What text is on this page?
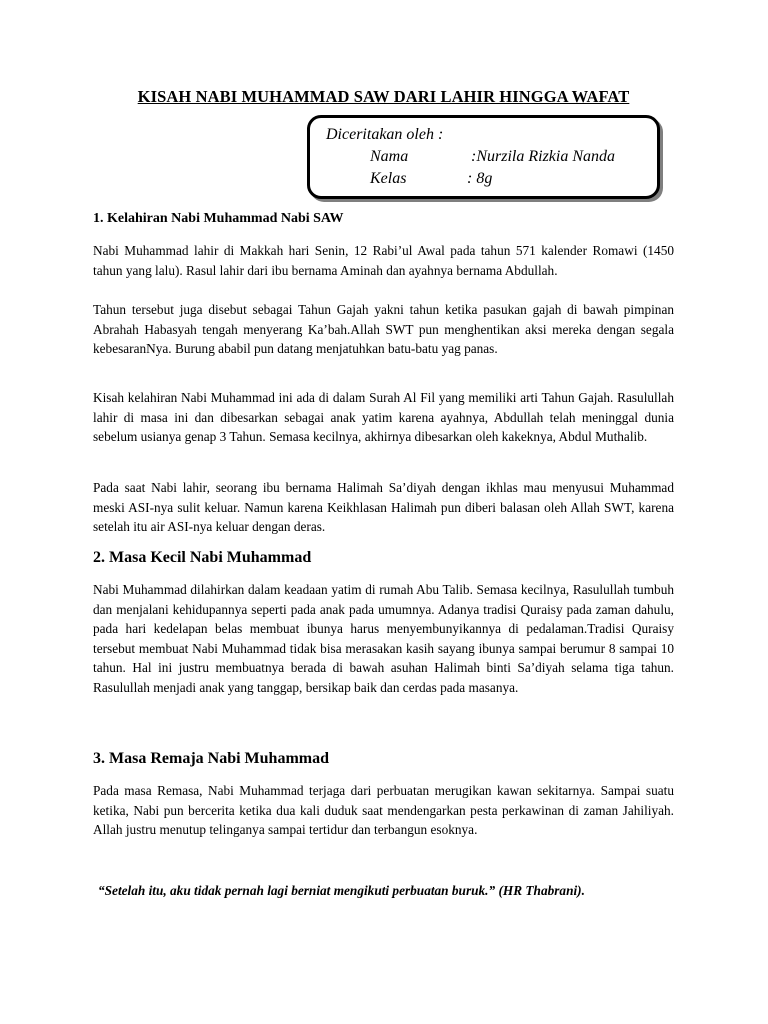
KISAH NABI MUHAMMAD SAW DARI LAHIR HINGGA WAFAT
Diceritakan oleh :
Nama	:Nurzila Rizkia Nanda
Kelas	: 8g
1. Kelahiran Nabi Muhammad Nabi SAW

Nabi Muhammad lahir di Makkah hari Senin, 12 Rabi’ul Awal pada tahun 571 kalender Romawi (1450 tahun yang lalu). Rasul lahir dari ibu bernama Aminah dan ayahnya bernama Abdullah.

Tahun tersebut juga disebut sebagai Tahun Gajah yakni tahun ketika pasukan gajah di bawah pimpinan Abrahah Habasyah tengah menyerang Ka’bah.Allah SWT pun menghentikan aksi mereka dengan segala kebesaranNya. Burung ababil pun datang menjatuhkan batu-batu yag panas.

Kisah kelahiran Nabi Muhammad ini ada di dalam Surah Al Fil yang memiliki arti Tahun Gajah. Rasulullah lahir di masa ini dan dibesarkan sebagai anak yatim karena ayahnya, Abdullah telah meninggal dunia sebelum usianya genap 3 Tahun. Semasa kecilnya, akhirnya dibesarkan oleh kakeknya, Abdul Muthalib.

Pada saat Nabi lahir, seorang ibu bernama Halimah Sa’diyah dengan ikhlas mau menyusui Muhammad meski ASI-nya sulit keluar. Namun karena Keikhlasan Halimah pun diberi balasan oleh Allah SWT, karena setelah itu air ASI-nya keluar dengan deras.

2. Masa Kecil Nabi Muhammad

Nabi Muhammad dilahirkan dalam keadaan yatim di rumah Abu Talib. Semasa kecilnya, Rasulullah tumbuh dan menjalani kehidupannya seperti pada anak pada umumnya. Adanya tradisi Quraisy pada zaman dahulu, pada hari kedelapan belas membuat ibunya harus menyembunyikannya di pedalaman.Tradisi Quraisy tersebut membuat Nabi Muhammad tidak bisa merasakan kasih sayang ibunya sampai berumur 8 sampai 10 tahun. Hal ini justru membuatnya berada di bawah asuhan Halimah binti Sa’diyah selama tiga tahun. Rasulullah menjadi anak yang tanggap, bersikap baik dan cerdas pada masanya.

3. Masa Remaja Nabi Muhammad

Pada masa Remasa, Nabi Muhammad terjaga dari perbuatan merugikan kawan sekitarnya. Sampai suatu ketika, Nabi pun bercerita ketika dua kali duduk saat mendengarkan pesta perkawinan di zaman Jahiliyah. Allah justru menutup telinganya sampai tertidur dan terbangun esoknya.

“Setelah itu, aku tidak pernah lagi berniat mengikuti perbuatan buruk.” (HR Thabrani).
